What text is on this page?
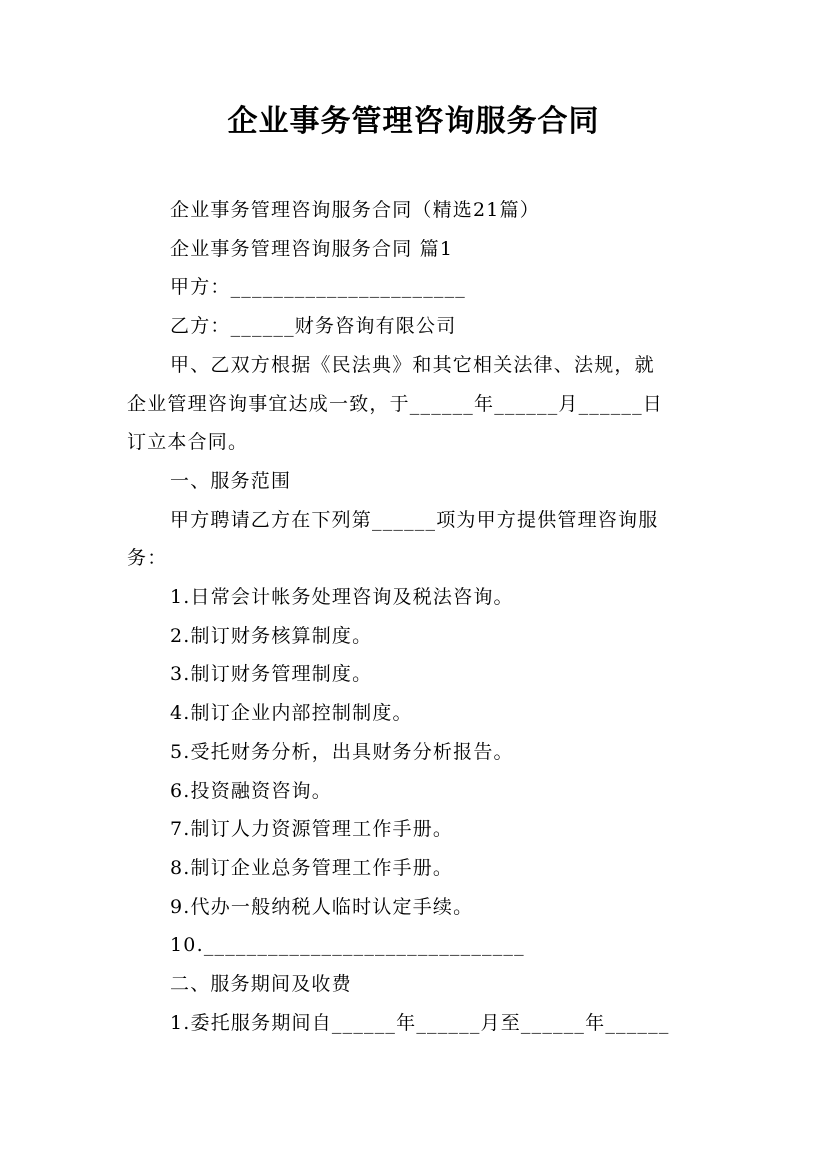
企业事务管理咨询服务合同

企业事务管理咨询服务合同（精选21篇）

企业事务管理咨询服务合同 篇1

甲方：______________________

乙方：______财务咨询有限公司

甲、乙双方根据《民法典》和其它相关法律、法规，就

企业管理咨询事宜达成一致，于______年______月______日

订立本合同。

一、服务范围

甲方聘请乙方在下列第______项为甲方提供管理咨询服

务：

1.日常会计帐务处理咨询及税法咨询。

2.制订财务核算制度。

3.制订财务管理制度。

4.制订企业内部控制制度。

5.受托财务分析，出具财务分析报告。

6.投资融资咨询。

7.制订人力资源管理工作手册。

8.制订企业总务管理工作手册。

9.代办一般纳税人临时认定手续。

10.______________________________

二、服务期间及收费

1.委托服务期间自______年______月至______年______
